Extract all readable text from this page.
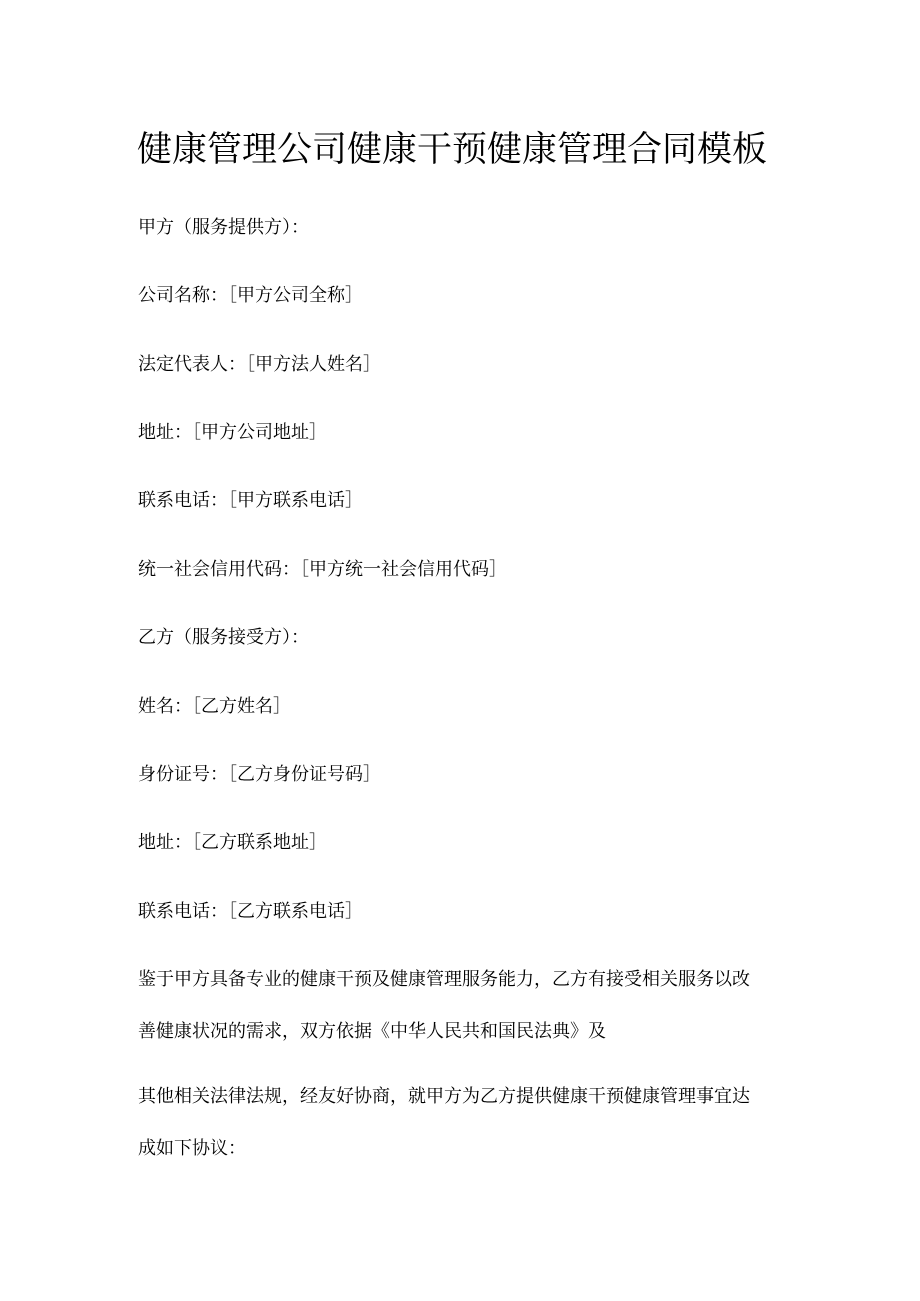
健康管理公司健康干预健康管理合同模板

甲方（服务提供方）：

公司名称：［甲方公司全称］

法定代表人：［甲方法人姓名］

地址：［甲方公司地址］

联系电话：［甲方联系电话］

统一社会信用代码：［甲方统一社会信用代码］

乙方（服务接受方）：

姓名：［乙方姓名］

身份证号：［乙方身份证号码］

地址：［乙方联系地址］

联系电话：［乙方联系电话］

鉴于甲方具备专业的健康干预及健康管理服务能力，乙方有接受相关服务以改
善健康状况的需求，双方依据《中华人民共和国民法典》及
其他相关法律法规，经友好协商，就甲方为乙方提供健康干预健康管理事宜达
成如下协议：
